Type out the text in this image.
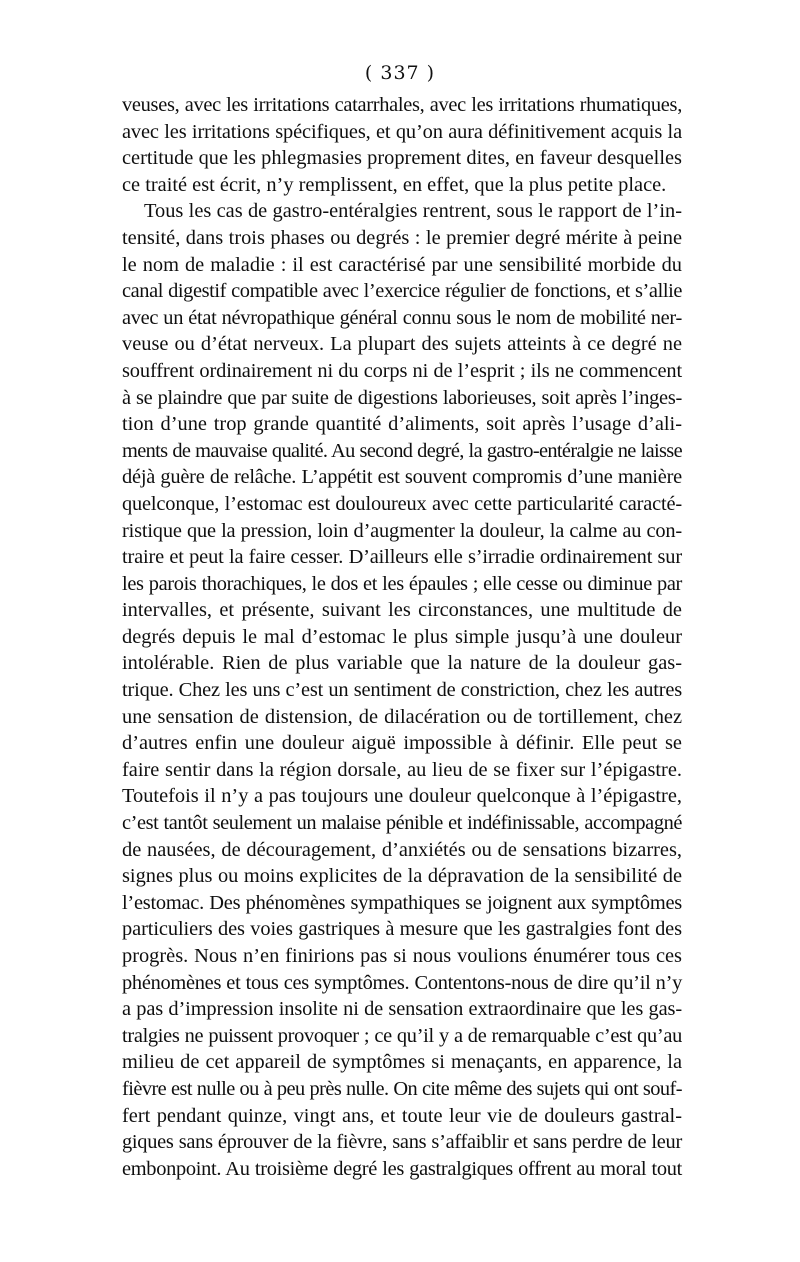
( 337 )
veuses, avec les irritations catarrhales, avec les irritations rhumatiques,
avec les irritations spécifiques, et qu’on aura définitivement acquis la
certitude que les phlegmasies proprement dites, en faveur desquelles
ce traité est écrit, n’y remplissent, en effet, que la plus petite place.
Tous les cas de gastro-entéralgies rentrent, sous le rapport de l’in-
tensité, dans trois phases ou degrés : le premier degré mérite à peine
le nom de maladie : il est caractérisé par une sensibilité morbide du
canal digestif compatible avec l’exercice régulier de fonctions, et s’allie
avec un état névropathique général connu sous le nom de mobilité ner-
veuse ou d’état nerveux. La plupart des sujets atteints à ce degré ne
souffrent ordinairement ni du corps ni de l’esprit ; ils ne commencent
à se plaindre que par suite de digestions laborieuses, soit après l’inges-
tion d’une trop grande quantité d’aliments, soit après l’usage d’ali-
ments de mauvaise qualité. Au second degré, la gastro-entéralgie ne laisse
déjà guère de relâche. L’appétit est souvent compromis d’une manière
quelconque, l’estomac est douloureux avec cette particularité caracté-
ristique que la pression, loin d’augmenter la douleur, la calme au con-
traire et peut la faire cesser. D’ailleurs elle s’irradie ordinairement sur
les parois thorachiques, le dos et les épaules ; elle cesse ou diminue par
intervalles, et présente, suivant les circonstances, une multitude de
degrés depuis le mal d’estomac le plus simple jusqu’à une douleur
intolérable. Rien de plus variable que la nature de la douleur gas-
trique. Chez les uns c’est un sentiment de constriction, chez les autres
une sensation de distension, de dilacération ou de tortillement, chez
d’autres enfin une douleur aiguë impossible à définir. Elle peut se
faire sentir dans la région dorsale, au lieu de se fixer sur l’épigastre.
Toutefois il n’y a pas toujours une douleur quelconque à l’épigastre,
c’est tantôt seulement un malaise pénible et indéfinissable, accompagné
de nausées, de découragement, d’anxiétés ou de sensations bizarres,
signes plus ou moins explicites de la dépravation de la sensibilité de
l’estomac. Des phénomènes sympathiques se joignent aux symptômes
particuliers des voies gastriques à mesure que les gastralgies font des
progrès. Nous n’en finirions pas si nous voulions énumérer tous ces
phénomènes et tous ces symptômes. Contentons-nous de dire qu’il n’y
a pas d’impression insolite ni de sensation extraordinaire que les gas-
tralgies ne puissent provoquer ; ce qu’il y a de remarquable c’est qu’au
milieu de cet appareil de symptômes si menaçants, en apparence, la
fièvre est nulle ou à peu près nulle. On cite même des sujets qui ont souf-
fert pendant quinze, vingt ans, et toute leur vie de douleurs gastral-
giques sans éprouver de la fièvre, sans s’affaiblir et sans perdre de leur
embonpoint. Au troisième degré les gastralgiques offrent au moral tout
